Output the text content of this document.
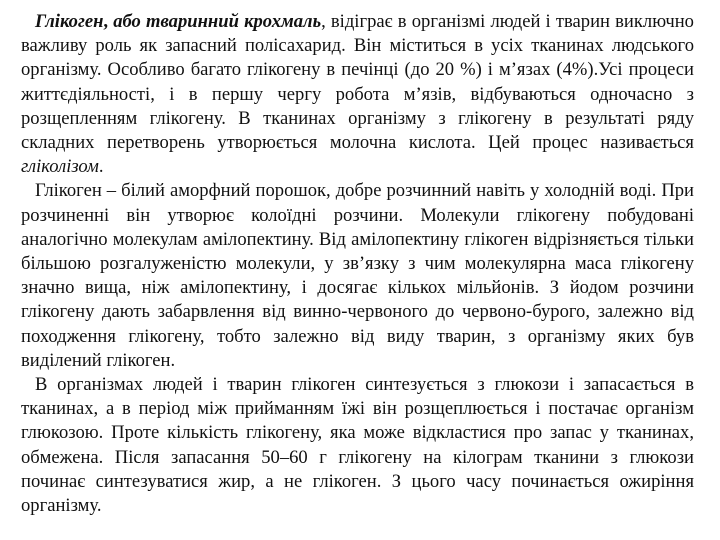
Глікоген, або тваринний крохмаль, відіграє в організмі людей і тварин виключно важливу роль як запасний полісахарид. Він міститься в усіх тканинах людського організму. Особливо багато глікогену в печінці (до 20 %) і м’язах (4%).Усі процеси життєдіяльності, і в першу чергу робота м’язів, відбуваються одночасно з розщепленням глікогену. В тканинах організму з глікогену в результаті ряду складних перетворень утворюється молочна кислота. Цей процес називається гліколізом.

Глікоген – білий аморфний порошок, добре розчинний навіть у холодній воді. При розчиненні він утворює колоїдні розчини. Молекули глікогену побудовані аналогічно молекулам амілопектину. Від амілопектину глікоген відрізняється тільки більшою розгалуженістю молекули, у зв’язку з чим молекулярна маса глікогену значно вища, ніж амілопектину, і досягає кількох мільйонів. З йодом розчини глікогену дають забарвлення від винно-червоного до червоно-бурого, залежно від походження глікогену, тобто залежно від виду тварин, з організму яких був виділений глікоген.

В організмах людей і тварин глікоген синтезується з глюкози і запасається в тканинах, а в період між прийманням їжі він розщеплюється і постачає організм глюкозою. Проте кількість глікогену, яка може відкластися про запас у тканинах, обмежена. Після запасання 50–60 г глікогену на кілограм тканини з глюкози починає синтезуватися жир, а не глікоген. З цього часу починається ожиріння організму.
